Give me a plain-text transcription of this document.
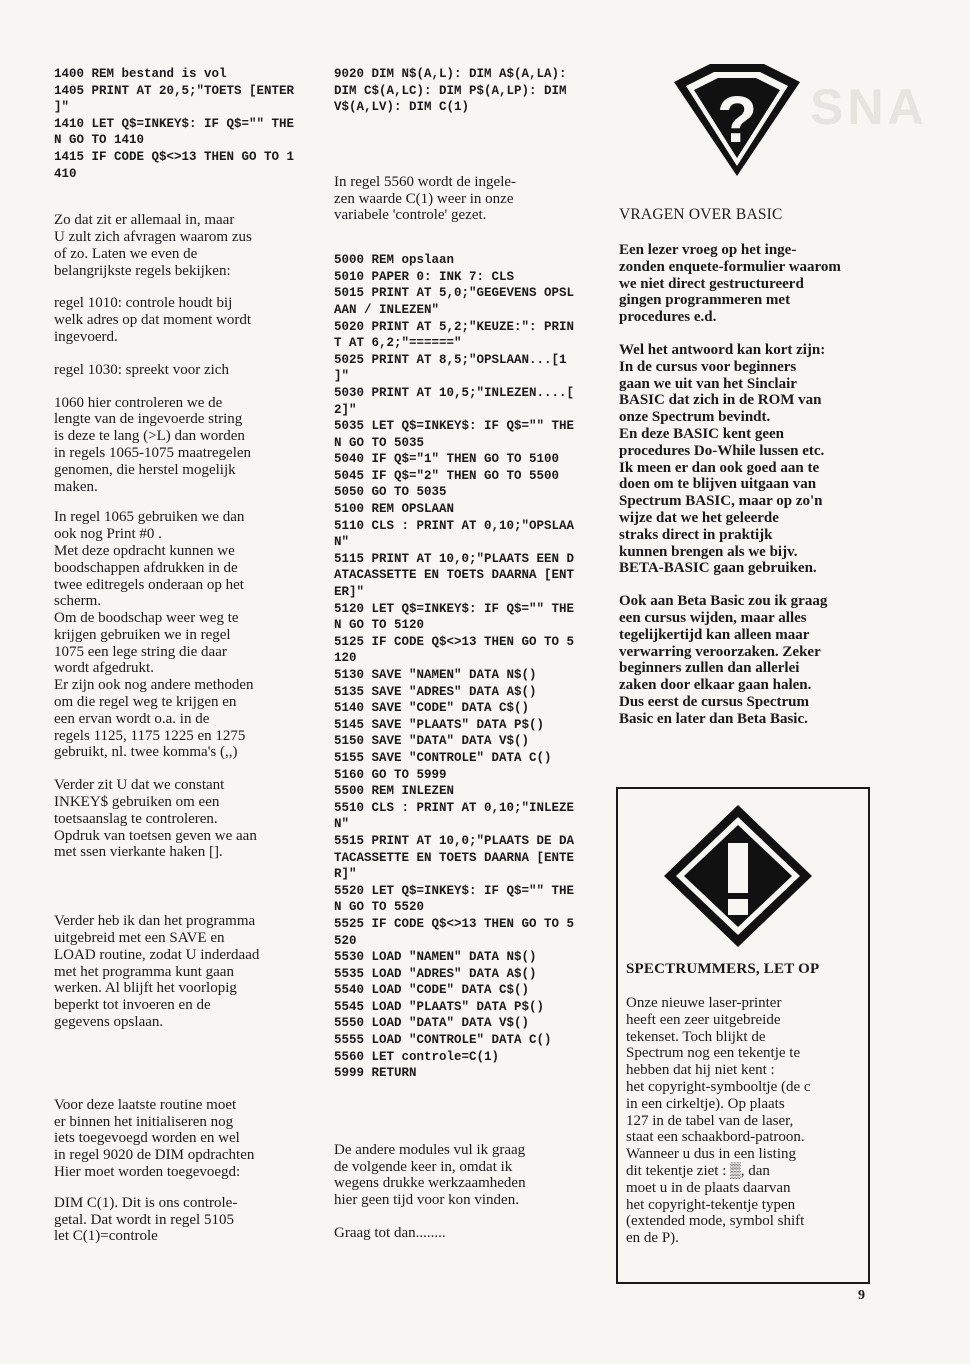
SNA
1400 REM bestand is vol
1405 PRINT AT 20,5;"TOETS [ENTER
]"
1410 LET Q$=INKEY$: IF Q$="" THE
N GO TO 1410
1415 IF CODE Q$<>13 THEN GO TO 1
410

Zo dat zit er allemaal in, maar
U zult zich afvragen waarom zus
of zo. Laten we even de
belangrijkste regels bekijken:

regel 1010: controle houdt bij
welk adres op dat moment wordt
ingevoerd.

regel 1030: spreekt voor zich

1060 hier controleren we de
lengte van de ingevoerde string
is deze te lang (>L) dan worden
in regels 1065-1075 maatregelen
genomen, die herstel mogelijk
maken.

In regel 1065 gebruiken we dan
ook nog Print #0 .
Met deze opdracht kunnen we
boodschappen afdrukken in de
twee editregels onderaan op het
scherm.
Om de boodschap weer weg te
krijgen gebruiken we in regel
1075 een lege string die daar
wordt afgedrukt.
Er zijn ook nog andere methoden
om die regel weg te krijgen en
een ervan wordt o.a. in de
regels 1125, 1175 1225 en 1275
gebruikt, nl. twee komma's (,,)

Verder zit U dat we constant
INKEY$ gebruiken om een
toetsaanslag te controleren.
Opdruk van toetsen geven we aan
met ssen vierkante haken [].

Verder heb ik dan het programma
uitgebreid met een SAVE en
LOAD routine, zodat U inderdaad
met het programma kunt gaan
werken. Al blijft het voorlopig
beperkt tot invoeren en de
gegevens opslaan.

Voor deze laatste routine moet
er binnen het initialiseren nog
iets toegevoegd worden en wel
in regel 9020 de DIM opdrachten
Hier moet worden toegevoegd:

DIM C(1). Dit is ons controle-
getal. Dat wordt in regel 5105
let C(1)=controle

9020 DIM N$(A,L): DIM A$(A,LA):
DIM C$(A,LC): DIM P$(A,LP): DIM
V$(A,LV): DIM C(1)

In regel 5560 wordt de ingele-
zen waarde C(1) weer in onze
variabele 'controle' gezet.

5000 REM opslaan
5010 PAPER 0: INK 7: CLS
5015 PRINT AT 5,0;"GEGEVENS OPSL
AAN / INLEZEN"
5020 PRINT AT 5,2;"KEUZE:": PRIN
T AT 6,2;"======"
5025 PRINT AT 8,5;"OPSLAAN...[1
]"
5030 PRINT AT 10,5;"INLEZEN....[
2]"
5035 LET Q$=INKEY$: IF Q$="" THE
N GO TO 5035
5040 IF Q$="1" THEN GO TO 5100
5045 IF Q$="2" THEN GO TO 5500
5050 GO TO 5035
5100 REM OPSLAAN
5110 CLS : PRINT AT 0,10;"OPSLAA
N"
5115 PRINT AT 10,0;"PLAATS EEN D
ATACASSETTE EN TOETS DAARNA [ENT
ER]"
5120 LET Q$=INKEY$: IF Q$="" THE
N GO TO 5120
5125 IF CODE Q$<>13 THEN GO TO 5
120
5130 SAVE "NAMEN" DATA N$()
5135 SAVE "ADRES" DATA A$()
5140 SAVE "CODE" DATA C$()
5145 SAVE "PLAATS" DATA P$()
5150 SAVE "DATA" DATA V$()
5155 SAVE "CONTROLE" DATA C()
5160 GO TO 5999
5500 REM INLEZEN
5510 CLS : PRINT AT 0,10;"INLEZE
N"
5515 PRINT AT 10,0;"PLAATS DE DA
TACASSETTE EN TOETS DAARNA [ENTE
R]"
5520 LET Q$=INKEY$: IF Q$="" THE
N GO TO 5520
5525 IF CODE Q$<>13 THEN GO TO 5
520
5530 LOAD "NAMEN" DATA N$()
5535 LOAD "ADRES" DATA A$()
5540 LOAD "CODE" DATA C$()
5545 LOAD "PLAATS" DATA P$()
5550 LOAD "DATA" DATA V$()
5555 LOAD "CONTROLE" DATA C()
5560 LET controle=C(1)
5999 RETURN

De andere modules vul ik graag
de volgende keer in, omdat ik
wegens drukke werkzaamheden
hier geen tijd voor kon vinden.

Graag tot dan........

?
VRAGEN OVER BASIC

Een lezer vroeg op het inge-
zonden enquete-formulier waarom
we niet direct gestructureerd
gingen programmeren met
procedures e.d.

Wel het antwoord kan kort zijn:
In de cursus voor beginners
gaan we uit van het Sinclair
BASIC dat zich in de ROM van
onze Spectrum bevindt.
En deze BASIC kent geen
procedures Do-While lussen etc.
Ik meen er dan ook goed aan te
doen om te blijven uitgaan van
Spectrum BASIC, maar op zo'n
wijze dat we het geleerde
straks direct in praktijk
kunnen brengen als we bijv.
BETA-BASIC gaan gebruiken.

Ook aan Beta Basic zou ik graag
een cursus wijden, maar alles
tegelijkertijd kan alleen maar
verwarring veroorzaken. Zeker
beginners zullen dan allerlei
zaken door elkaar gaan halen.
Dus eerst de cursus Spectrum
Basic en later dan Beta Basic.

SPECTRUMMERS, LET OP

Onze nieuwe laser-printer
heeft een zeer uitgebreide
tekenset. Toch blijkt de
Spectrum nog een tekentje te
hebben dat hij niet kent :
het copyright-symbooltje (de c
in een cirkeltje). Op plaats
127 in de tabel van de laser,
staat een schaakbord-patroon.
Wanneer u dus in een listing
dit tekentje ziet : ▒, dan
moet u in de plaats daarvan
het copyright-tekentje typen
(extended mode, symbol shift
en de P).

9
